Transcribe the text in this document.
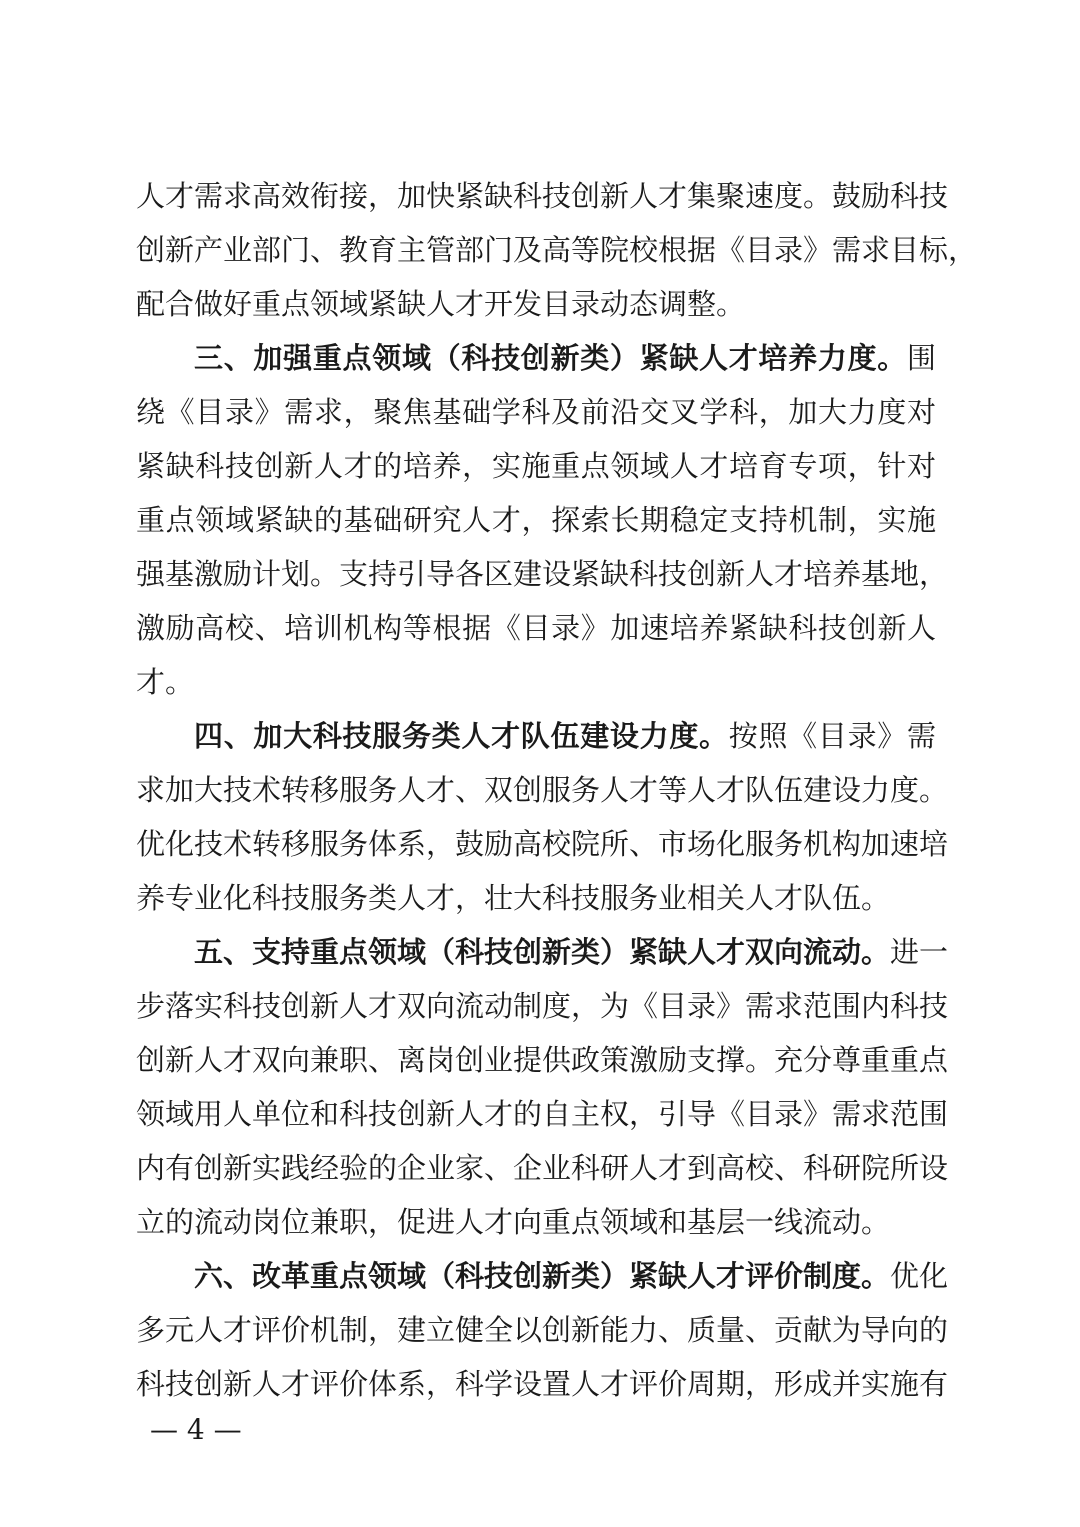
人才需求高效衔接，加快紧缺科技创新人才集聚速度。鼓励科技
创新产业部门、教育主管部门及高等院校根据《目录》需求目标，
配合做好重点领域紧缺人才开发目录动态调整。
三、加强重点领域（科技创新类）紧缺人才培养力度。围
绕《目录》需求，聚焦基础学科及前沿交叉学科，加大力度对
紧缺科技创新人才的培养，实施重点领域人才培育专项，针对
重点领域紧缺的基础研究人才，探索长期稳定支持机制，实施
强基激励计划。支持引导各区建设紧缺科技创新人才培养基地，
激励高校、培训机构等根据《目录》加速培养紧缺科技创新人
才。
四、加大科技服务类人才队伍建设力度。按照《目录》需
求加大技术转移服务人才、双创服务人才等人才队伍建设力度。
优化技术转移服务体系，鼓励高校院所、市场化服务机构加速培
养专业化科技服务类人才，壮大科技服务业相关人才队伍。
五、支持重点领域（科技创新类）紧缺人才双向流动。进一
步落实科技创新人才双向流动制度，为《目录》需求范围内科技
创新人才双向兼职、离岗创业提供政策激励支撑。充分尊重重点
领域用人单位和科技创新人才的自主权，引导《目录》需求范围
内有创新实践经验的企业家、企业科研人才到高校、科研院所设
立的流动岗位兼职，促进人才向重点领域和基层一线流动。
六、改革重点领域（科技创新类）紧缺人才评价制度。优化
多元人才评价机制，建立健全以创新能力、质量、贡献为导向的
科技创新人才评价体系，科学设置人才评价周期，形成并实施有
— 4 —
